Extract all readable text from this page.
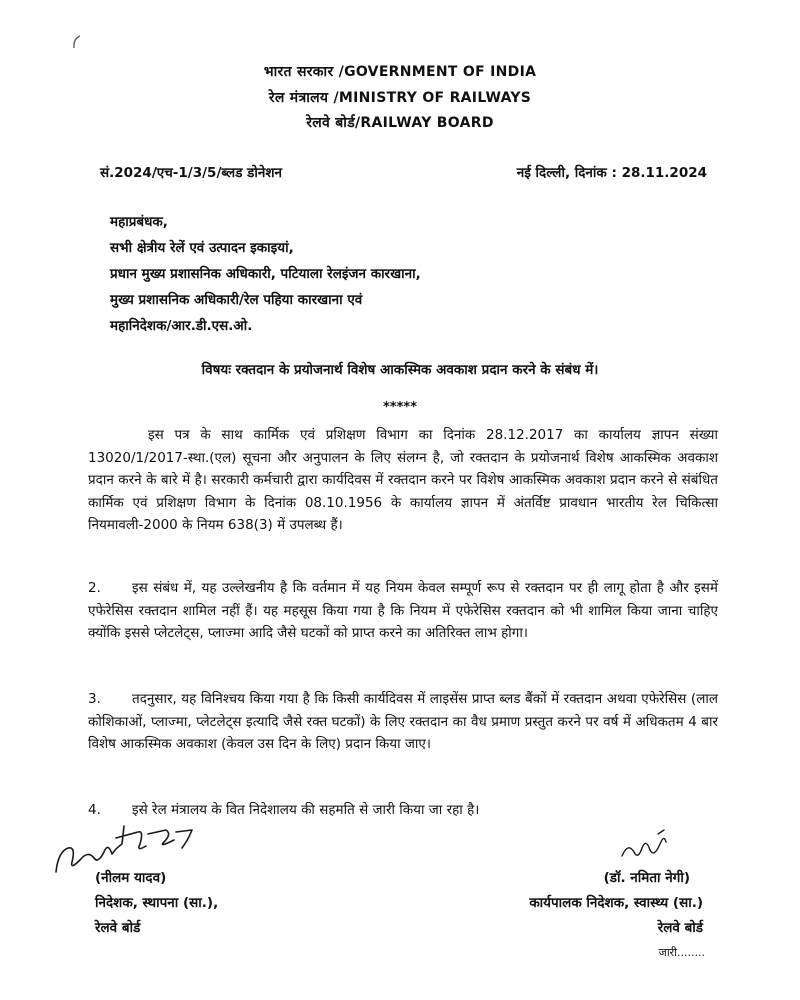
भारत सरकार /GOVERNMENT OF INDIA
रेल मंत्रालय /MINISTRY OF RAILWAYS
रेलवे बोर्ड/RAILWAY BOARD
सं.2024/एच-1/3/5/ब्लड डोनेशन	नई दिल्ली, दिनांक : 28.11.2024
महाप्रबंधक,
सभी क्षेत्रीय रेलें एवं उत्पादन इकाइयां,
प्रधान मुख्य प्रशासनिक अधिकारी, पटियाला रेलइंजन कारखाना,
मुख्य प्रशासनिक अधिकारी/रेल पहिया कारखाना एवं
महानिदेशक/आर.डी.एस.ओ.
विषयः रक्तदान के प्रयोजनार्थ विशेष आकस्मिक अवकाश प्रदान करने के संबंध में।
*****

इस पत्र के साथ कार्मिक एवं प्रशिक्षण विभाग का दिनांक 28.12.2017 का कार्यालय ज्ञापन संख्या 13020/1/2017-स्था.(एल) सूचना और अनुपालन के लिए संलग्न है, जो रक्तदान के प्रयोजनार्थ विशेष आकस्मिक अवकाश प्रदान करने के बारे में है। सरकारी कर्मचारी द्वारा कार्यदिवस में रक्तदान करने पर विशेष आकस्मिक अवकाश प्रदान करने से संबंधित कार्मिक एवं प्रशिक्षण विभाग के दिनांक 08.10.1956 के कार्यालय ज्ञापन में अंतर्विष्ट प्रावधान भारतीय रेल चिकित्सा नियमावली-2000 के नियम 638(3) में उपलब्ध हैं।

2. इस संबंध में, यह उल्लेखनीय है कि वर्तमान में यह नियम केवल सम्पूर्ण रूप से रक्तदान पर ही लागू होता है और इसमें एफेरेसिस रक्तदान शामिल नहीं हैं। यह महसूस किया गया है कि नियम में एफेरेसिस रक्तदान को भी शामिल किया जाना चाहिए क्योंकि इससे प्लेटलेट्स, प्लाज्मा आदि जैसे घटकों को प्राप्त करने का अतिरिक्त लाभ होगा।

3. तदनुसार, यह विनिश्चय किया गया है कि किसी कार्यदिवस में लाइसेंस प्राप्त ब्लड बैंकों में रक्तदान अथवा एफेरेसिस (लाल कोशिकाओं, प्लाज्मा, प्लेटलेट्स इत्यादि जैसे रक्त घटकों) के लिए रक्तदान का वैध प्रमाण प्रस्तुत करने पर वर्ष में अधिकतम 4 बार विशेष आकस्मिक अवकाश (केवल उस दिन के लिए) प्रदान किया जाए।

4. इसे रेल मंत्रालय के वित निदेशालय की सहमति से जारी किया जा रहा है।

(नीलम यादव)
निदेशक, स्थापना (सा.),
रेलवे बोर्ड
(डॉ. नमिता नेगी)
कार्यपालक निदेशक, स्वास्थ्य (सा.)
रेलवे बोर्ड
जारी........
